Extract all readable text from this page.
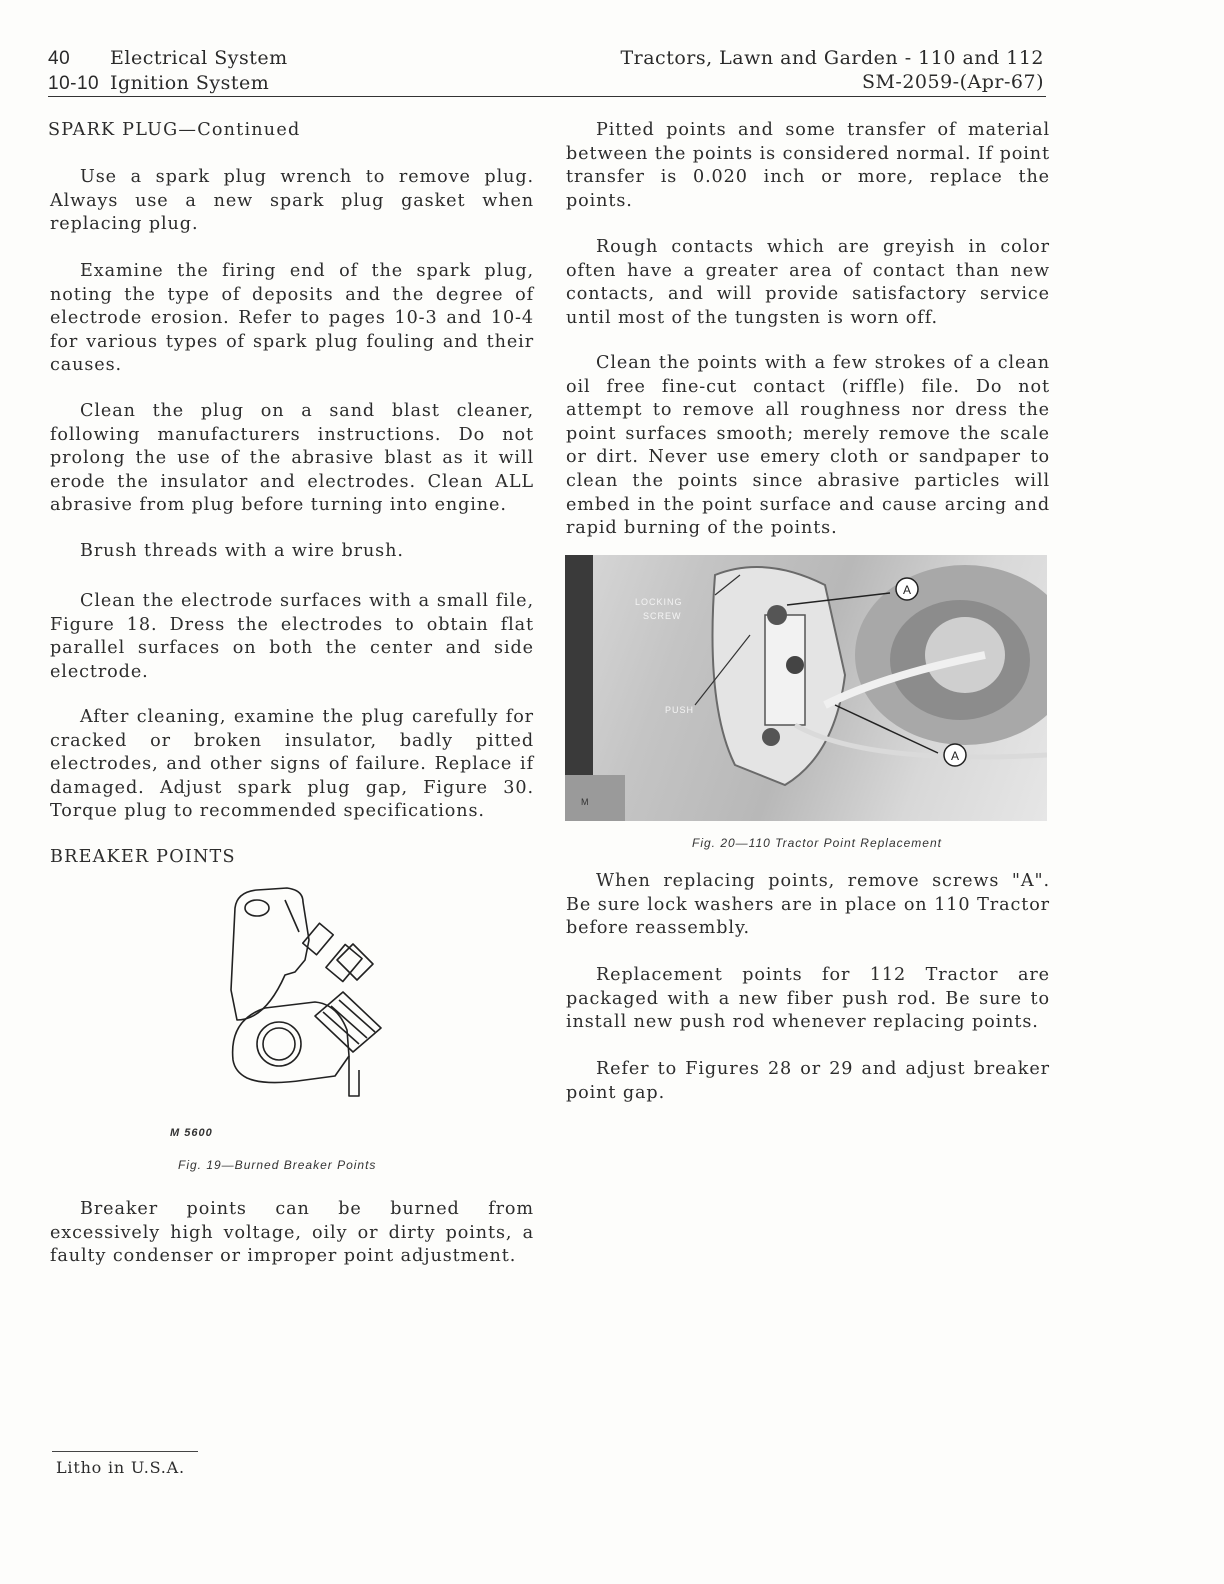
40 Electrical System
10-10 Ignition System
Tractors, Lawn and Garden - 110 and 112
SM-2059-(Apr-67)
SPARK PLUG—Continued

Use a spark plug wrench to remove plug. Always use a new spark plug gasket when replacing plug.

Examine the firing end of the spark plug, noting the type of deposits and the degree of electrode erosion. Refer to pages 10-3 and 10-4 for various types of spark plug fouling and their causes.

Clean the plug on a sand blast cleaner, following manufacturers instructions. Do not prolong the use of the abrasive blast as it will erode the insulator and electrodes. Clean ALL abrasive from plug before turning into engine.

Brush threads with a wire brush.

Clean the electrode surfaces with a small file, Figure 18. Dress the electrodes to obtain flat parallel surfaces on both the center and side electrode.

After cleaning, examine the plug carefully for cracked or broken insulator, badly pitted electrodes, and other signs of failure. Replace if damaged. Adjust spark plug gap, Figure 30. Torque plug to recommended specifications.

BREAKER POINTS
M 5600
Fig. 19—Burned Breaker Points

Breaker points can be burned from excessively high voltage, oily or dirty points, a faulty condenser or improper point adjustment.

Pitted points and some transfer of material between the points is considered normal. If point transfer is 0.020 inch or more, replace the points.

Rough contacts which are greyish in color often have a greater area of contact than new contacts, and will provide satisfactory service until most of the tungsten is worn off.

Clean the points with a few strokes of a clean oil free fine-cut contact (riffle) file. Do not attempt to remove all roughness nor dress the point surfaces smooth; merely remove the scale or dirt. Never use emery cloth or sandpaper to clean the points since abrasive particles will embed in the point surface and cause arcing and rapid burning of the points.

A
A
LOCKING
SCREW
PUSH
M
Fig. 20—110 Tractor Point Replacement

When replacing points, remove screws "A". Be sure lock washers are in place on 110 Tractor before reassembly.

Replacement points for 112 Tractor are packaged with a new fiber push rod. Be sure to install new push rod whenever replacing points.

Refer to Figures 28 or 29 and adjust breaker point gap.

Litho in U.S.A.
